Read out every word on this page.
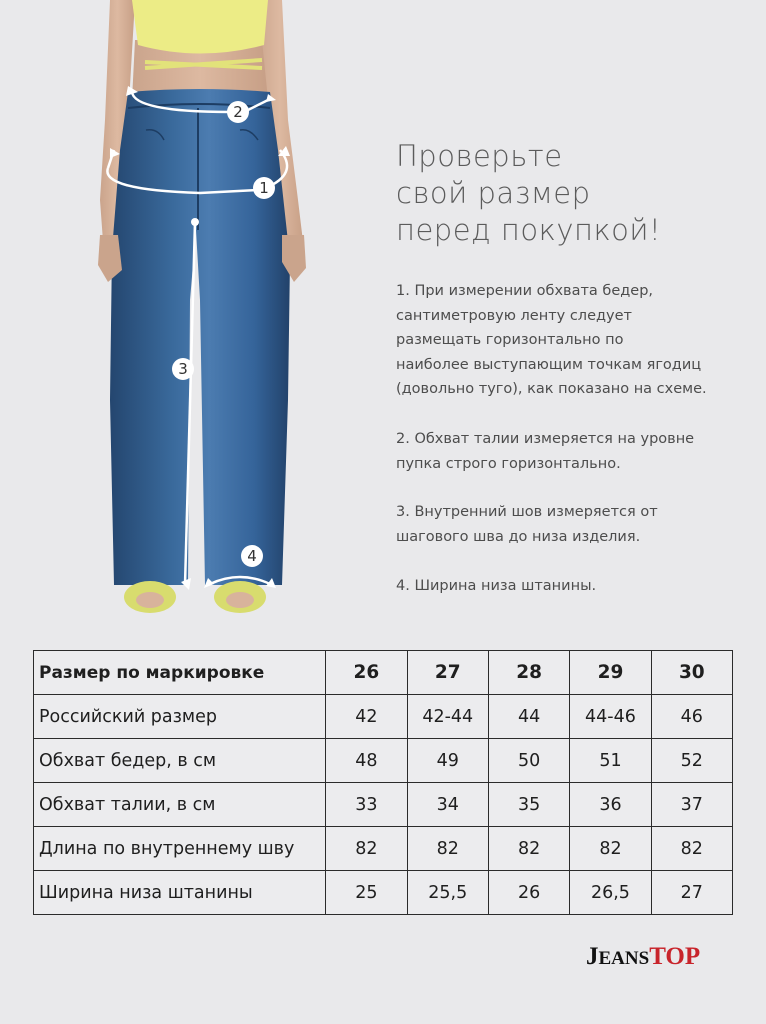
1
2
3
4
Проверьте
свой размер
перед покупкой!
1. При измерении обхвата бедер,
сантиметровую ленту следует
размещать горизонтально по
наиболее выступающим точкам ягодиц
(довольно туго), как показано на схеме.
2. Обхват талии измеряется на уровне
пупка строго горизонтально.
3. Внутренний шов измеряется от
шагового шва до низа изделия.
4. Ширина низа штанины.
Размер по маркировке	26	27	28	29	30
Российский размер	42	42-44	44	44-46	46
Обхват бедер, в см	48	49	50	51	52
Обхват талии, в см	33	34	35	36	37
Длина по внутреннему шву	82	82	82	82	82
Ширина низа штанины	25	25,5	26	26,5	27
JEANSTOP
